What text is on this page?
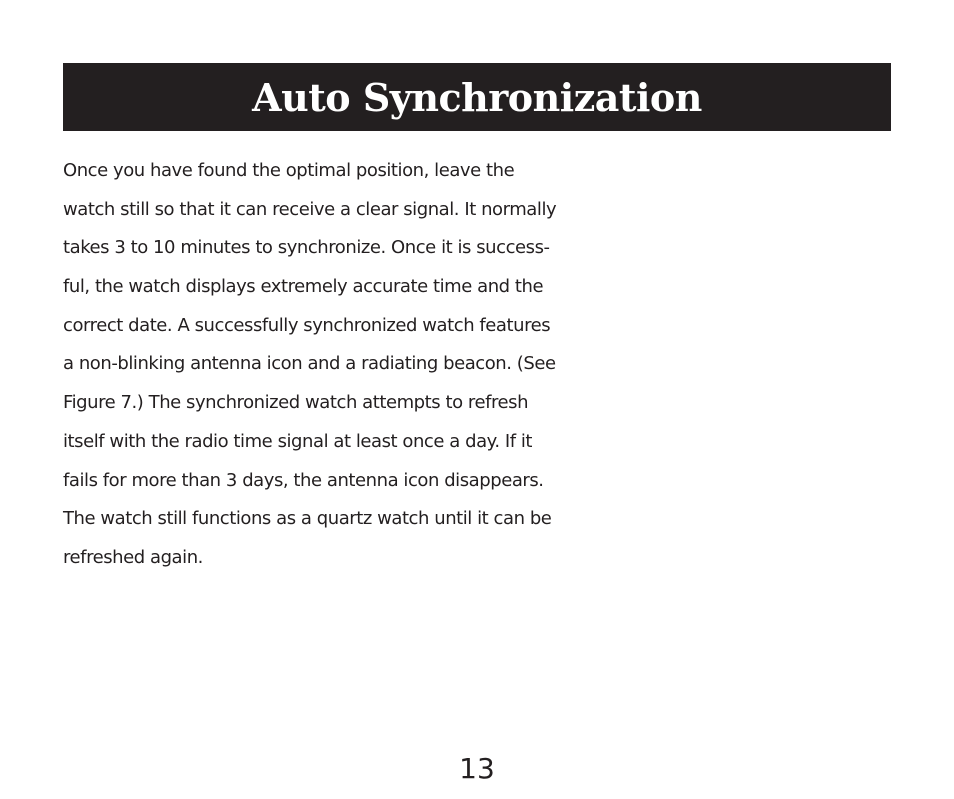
Auto Synchronization

Once you have found the optimal position, leave the
watch still so that it can receive a clear signal. It normally
takes 3 to 10 minutes to synchronize. Once it is success-
ful, the watch displays extremely accurate time and the
correct date. A successfully synchronized watch features
a non-blinking antenna icon and a radiating beacon. (See
Figure 7.) The synchronized watch attempts to refresh
itself with the radio time signal at least once a day. If it
fails for more than 3 days, the antenna icon disappears.
The watch still functions as a quartz watch until it can be
refreshed again.

13
